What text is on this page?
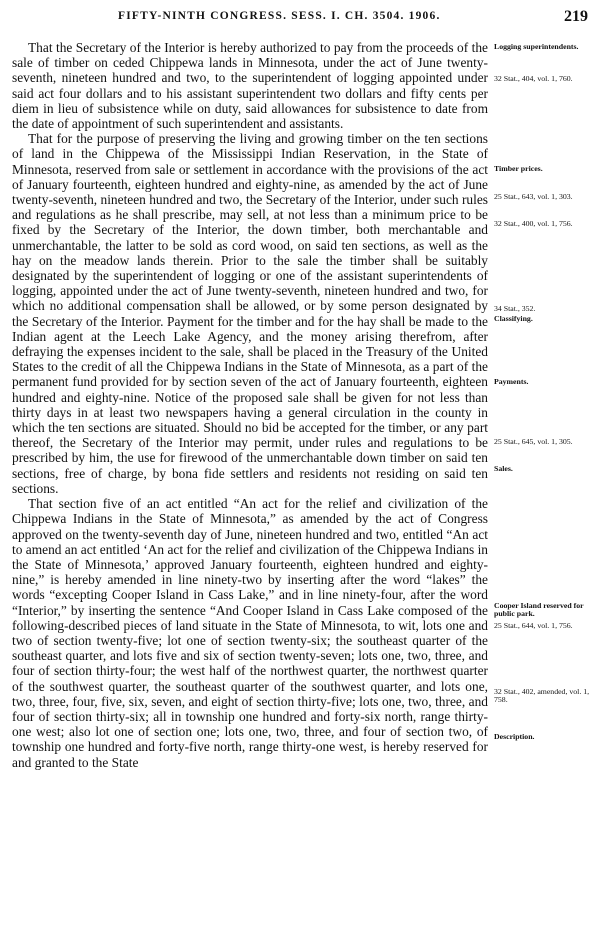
FIFTY-NINTH CONGRESS. SESS. I. CH. 3504. 1906.	219

That the Secretary of the Interior is hereby authorized to pay from the proceeds of the sale of timber on ceded Chippewa lands in Minnesota, under the act of June twenty-seventh, nineteen hundred and two, to the superintendent of logging appointed under said act four dollars and to his assistant superintendent two dollars and fifty cents per diem in lieu of subsistence while on duty, said allowances for subsistence to date from the date of appointment of such superintendent and assistants.

That for the purpose of preserving the living and growing timber on the ten sections of land in the Chippewa of the Mississippi Indian Reservation, in the State of Minnesota, reserved from sale or settlement in accordance with the provisions of the act of January fourteenth, eighteen hundred and eighty-nine, as amended by the act of June twenty-seventh, nineteen hundred and two, the Secretary of the Interior, under such rules and regulations as he shall prescribe, may sell, at not less than a minimum price to be fixed by the Secretary of the Interior, the down timber, both merchantable and unmerchantable, the latter to be sold as cord wood, on said ten sections, as well as the hay on the meadow lands therein. Prior to the sale the timber shall be suitably designated by the superintendent of logging or one of the assistant superintendents of logging, appointed under the act of June twenty-seventh, nineteen hundred and two, for which no additional compensation shall be allowed, or by some person designated by the Secretary of the Interior. Payment for the timber and for the hay shall be made to the Indian agent at the Leech Lake Agency, and the money arising therefrom, after defraying the expenses incident to the sale, shall be placed in the Treasury of the United States to the credit of all the Chippewa Indians in the State of Minnesota, as a part of the permanent fund provided for by section seven of the act of January fourteenth, eighteen hundred and eighty-nine. Notice of the proposed sale shall be given for not less than thirty days in at least two newspapers having a general circulation in the county in which the ten sections are situated. Should no bid be accepted for the timber, or any part thereof, the Secretary of the Interior may permit, under rules and regulations to be prescribed by him, the use for firewood of the unmerchantable down timber on said ten sections, free of charge, by bona fide settlers and residents not residing on said ten sections.

That section five of an act entitled “An act for the relief and civilization of the Chippewa Indians in the State of Minnesota,” as amended by the act of Congress approved on the twenty-seventh day of June, nineteen hundred and two, entitled “An act to amend an act entitled ‘An act for the relief and civilization of the Chippewa Indians in the State of Minnesota,’ approved January fourteenth, eighteen hundred and eighty-nine,” is hereby amended in line ninety-two by inserting after the word “lakes” the words “excepting Cooper Island in Cass Lake,” and in line ninety-four, after the word “Interior,” by inserting the sentence “And Cooper Island in Cass Lake composed of the following-described pieces of land situate in the State of Minnesota, to wit, lots one and two of section twenty-five; lot one of section twenty-six; the southeast quarter of the southeast quarter, and lots five and six of section twenty-seven; lots one, two, three, and four of section thirty-four; the west half of the northwest quarter, the northwest quarter of the southwest quarter, the southeast quarter of the southwest quarter, and lots one, two, three, four, five, six, seven, and eight of section thirty-five; lots one, two, three, and four of section thirty-six; all in township one hundred and forty-six north, range thirty-one west; also lot one of section one; lots one, two, three, and four of section two, of township one hundred and forty-five north, range thirty-one west, is hereby reserved for and granted to the State

Logging superintendents.

32 Stat., 404, vol. 1, 760.

Timber prices.

25 Stat., 643, vol. 1, 303.

32 Stat., 400, vol. 1, 756.

34 Stat., 352.

Classifying.

Payments.

25 Stat., 645, vol. 1, 305.

Sales.

Cooper Island reserved for public park.

25 Stat., 644, vol. 1, 756.

32 Stat., 402, amended, vol. 1, 758.

Description.
